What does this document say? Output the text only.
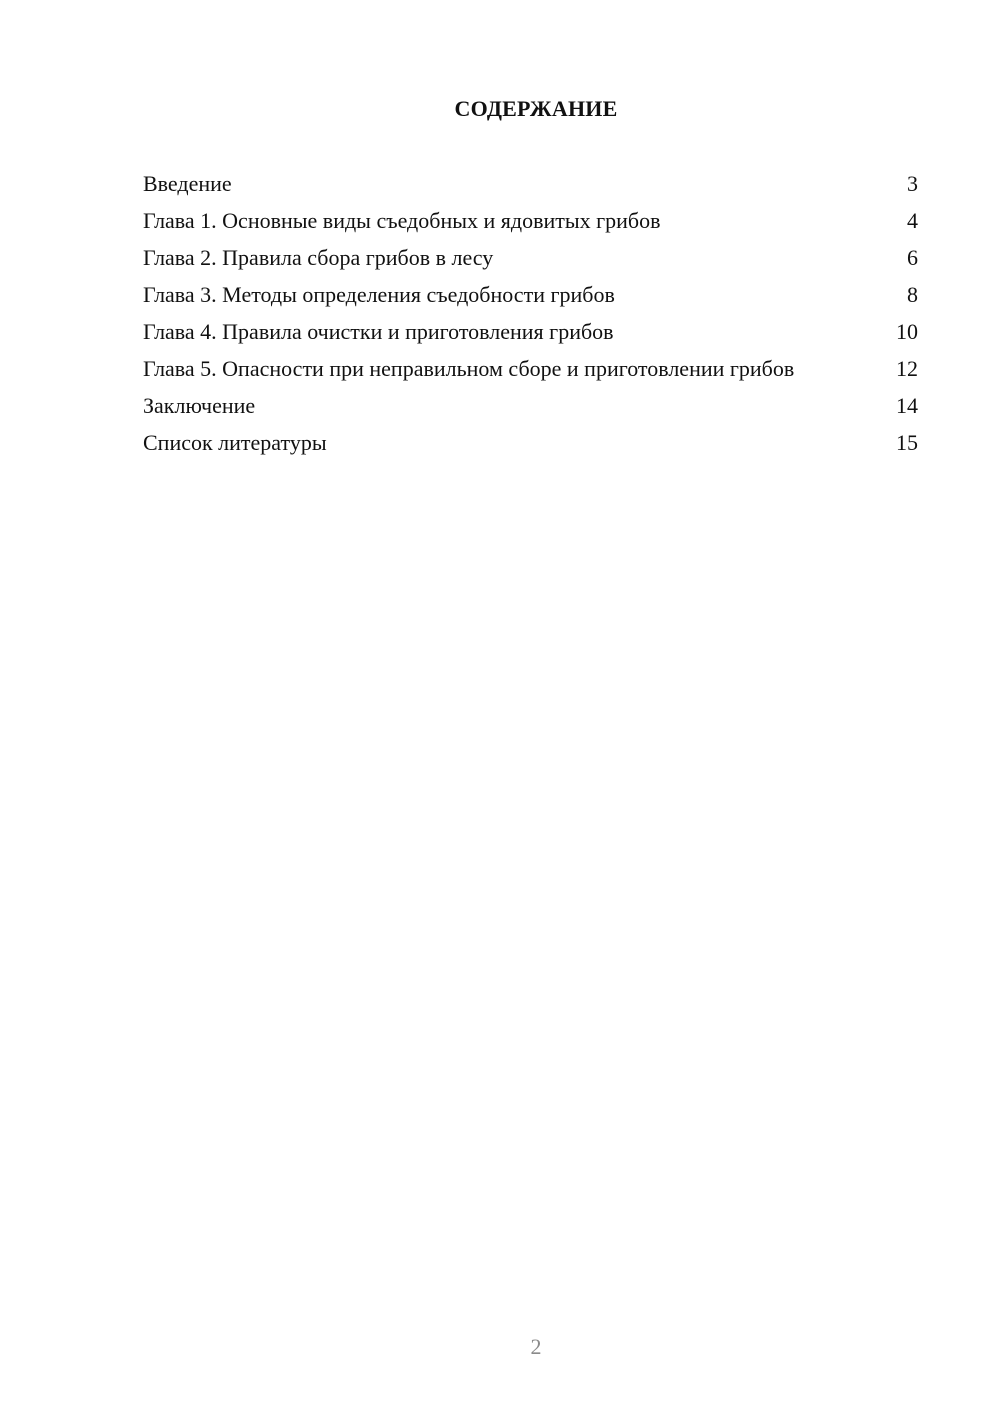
СОДЕРЖАНИЕ
Введение	3
Глава 1. Основные виды съедобных и ядовитых грибов	4
Глава 2. Правила сбора грибов в лесу	6
Глава 3. Методы определения съедобности грибов	8
Глава 4. Правила очистки и приготовления грибов	10
Глава 5. Опасности при неправильном сборе и приготовлении грибов	12
Заключение	14
Список литературы	15
2
